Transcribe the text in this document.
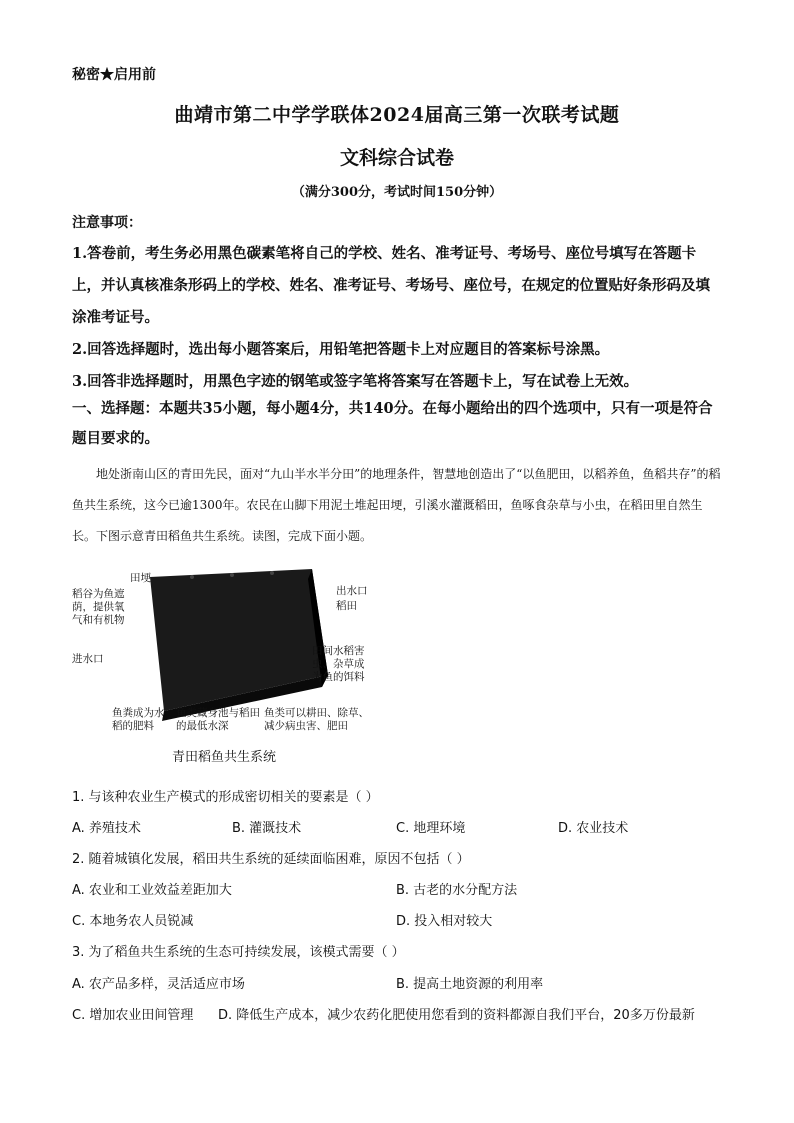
秘密★启用前
曲靖市第二中学学联体2024届高三第一次联考试题
文科综合试卷
（满分300分，考试时间150分钟）
注意事项：
1.答卷前，考生务必用黑色碳素笔将自己的学校、姓名、准考证号、考场号、座位号填写在答题卡上，并认真核准条形码上的学校、姓名、准考证号、考场号、座位号，在规定的位置贴好条形码及填涂准考证号。
2.回答选择题时，选出每小题答案后，用铅笔把答题卡上对应题目的答案标号涂黑。
3.回答非选择题时，用黑色字迹的钢笔或签字笔将答案写在答题卡上，写在试卷上无效。
一、选择题：本题共35小题，每小题4分，共140分。在每小题给出的四个选项中，只有一项是符合题目要求的。
地处浙南山区的青田先民，面对“九山半水半分田”的地理条件，智慧地创造出了“以鱼肥田，以稻养鱼，鱼稻共存”的稻鱼共生系统，这今已逾1300年。农民在山脚下用泥土堆起田埂，引溪水灌溉稻田，鱼啄食杂草与小虫，在稻田里自然生长。下图示意青田稻鱼共生系统。读图，完成下面小题。
田埂
稻谷为鱼遮荫，提供氧气和有机物
进水口
出水口
稻田
田间水稻害虫、杂草成为鱼的饵料
鱼粪成为水稻的肥料
鱼类藏身池与稻田的最低水深
鱼类可以耕田、除草、减少病虫害、肥田
青田稻鱼共生系统
1. 与该种农业生产模式的形成密切相关的要素是（ ）
A. 养殖技术	B. 灌溉技术	C. 地理环境	D. 农业技术
2. 随着城镇化发展，稻田共生系统的延续面临困难，原因不包括（ ）
A. 农业和工业效益差距加大	B. 古老的水分配方法
C. 本地务农人员锐减	D. 投入相对较大
3. 为了稻鱼共生系统的生态可持续发展，该模式需要（ ）
A. 农产品多样，灵活适应市场	B. 提高土地资源的利用率
C. 增加农业田间管理 D. 降低生产成本，减少农药化肥使用您看到的资料都源自我们平台，20多万份最新
